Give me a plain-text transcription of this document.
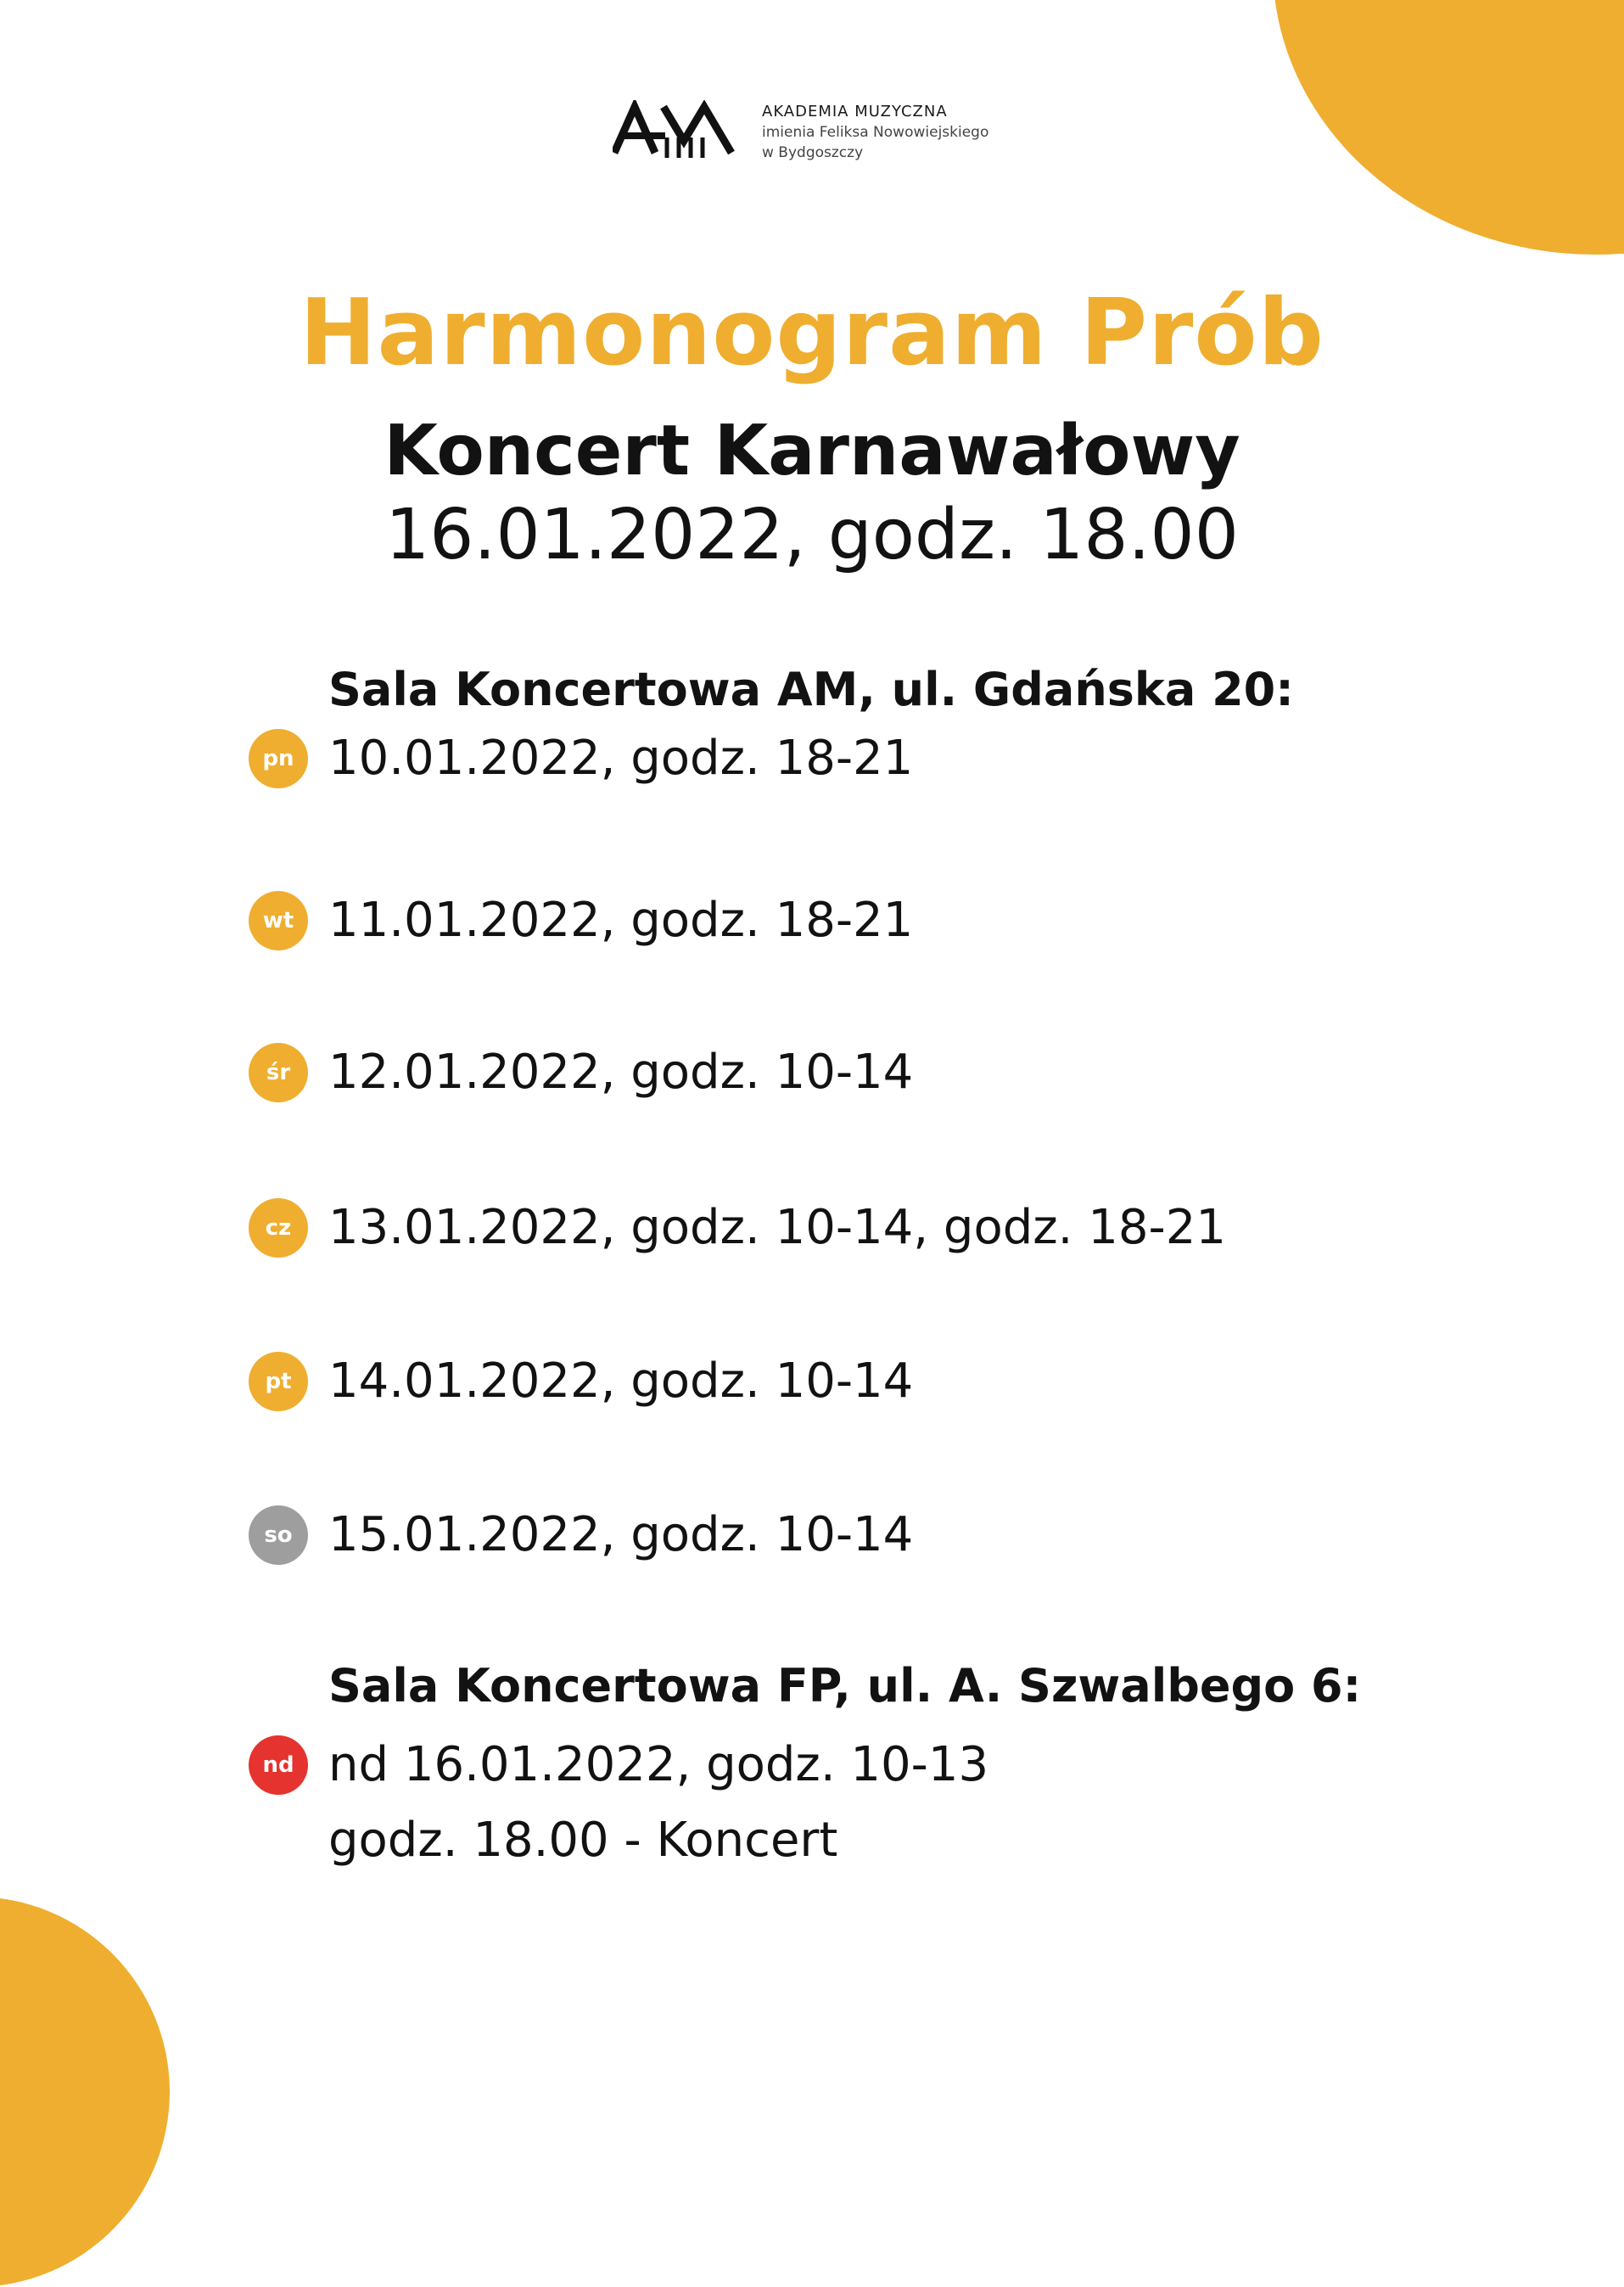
AKADEMIA MUZYCZNA
imienia Feliksa Nowowiejskiego
w Bydgoszczy
Harmonogram Prób
Koncert Karnawałowy
16.01.2022, godz. 18.00
Sala Koncertowa AM, ul. Gdańska 20:
pn 10.01.2022, godz. 18-21
wt 11.01.2022, godz. 18-21
śr 12.01.2022, godz. 10-14
cz 13.01.2022, godz. 10-14, godz. 18-21
pt 14.01.2022, godz. 10-14
so 15.01.2022, godz. 10-14
Sala Koncertowa FP, ul. A. Szwalbego 6:
nd nd 16.01.2022, godz. 10-13
godz. 18.00 - Koncert
